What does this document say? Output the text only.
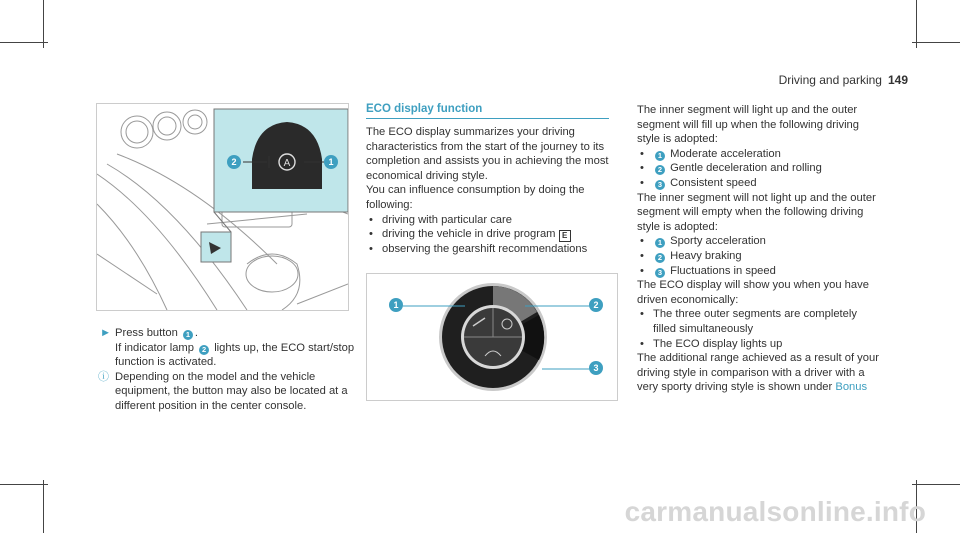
Driving and parking 149
A
2	1

► Press button 1 .
If indicator lamp 2 lights up, the ECO start/stop function is activated.

ⓘ Depending on the model and the vehicle equipment, the button may also be located at a different position in the center console.

ECO display function

The ECO display summarizes your driving characteristics from the start of the journey to its completion and assists you in achieving the most economical driving style.

You can influence consumption by doing the following:

• driving with particular care
• driving the vehicle in drive program E
• observing the gearshift recommendations
1	2
3

The inner segment will light up and the outer segment will fill up when the following driving style is adopted:

• 1 Moderate acceleration
• 2 Gentle deceleration and rolling
• 3 Consistent speed

The inner segment will not light up and the outer segment will empty when the following driving style is adopted:

• 1 Sporty acceleration
• 2 Heavy braking
• 3 Fluctuations in speed

The ECO display will show you when you have driven economically:

• The three outer segments are completely filled simultaneously
• The ECO display lights up

The additional range achieved as a result of your driving style in comparison with a driver with a very sporty driving style is shown under Bonus

carmanualsonline.info
